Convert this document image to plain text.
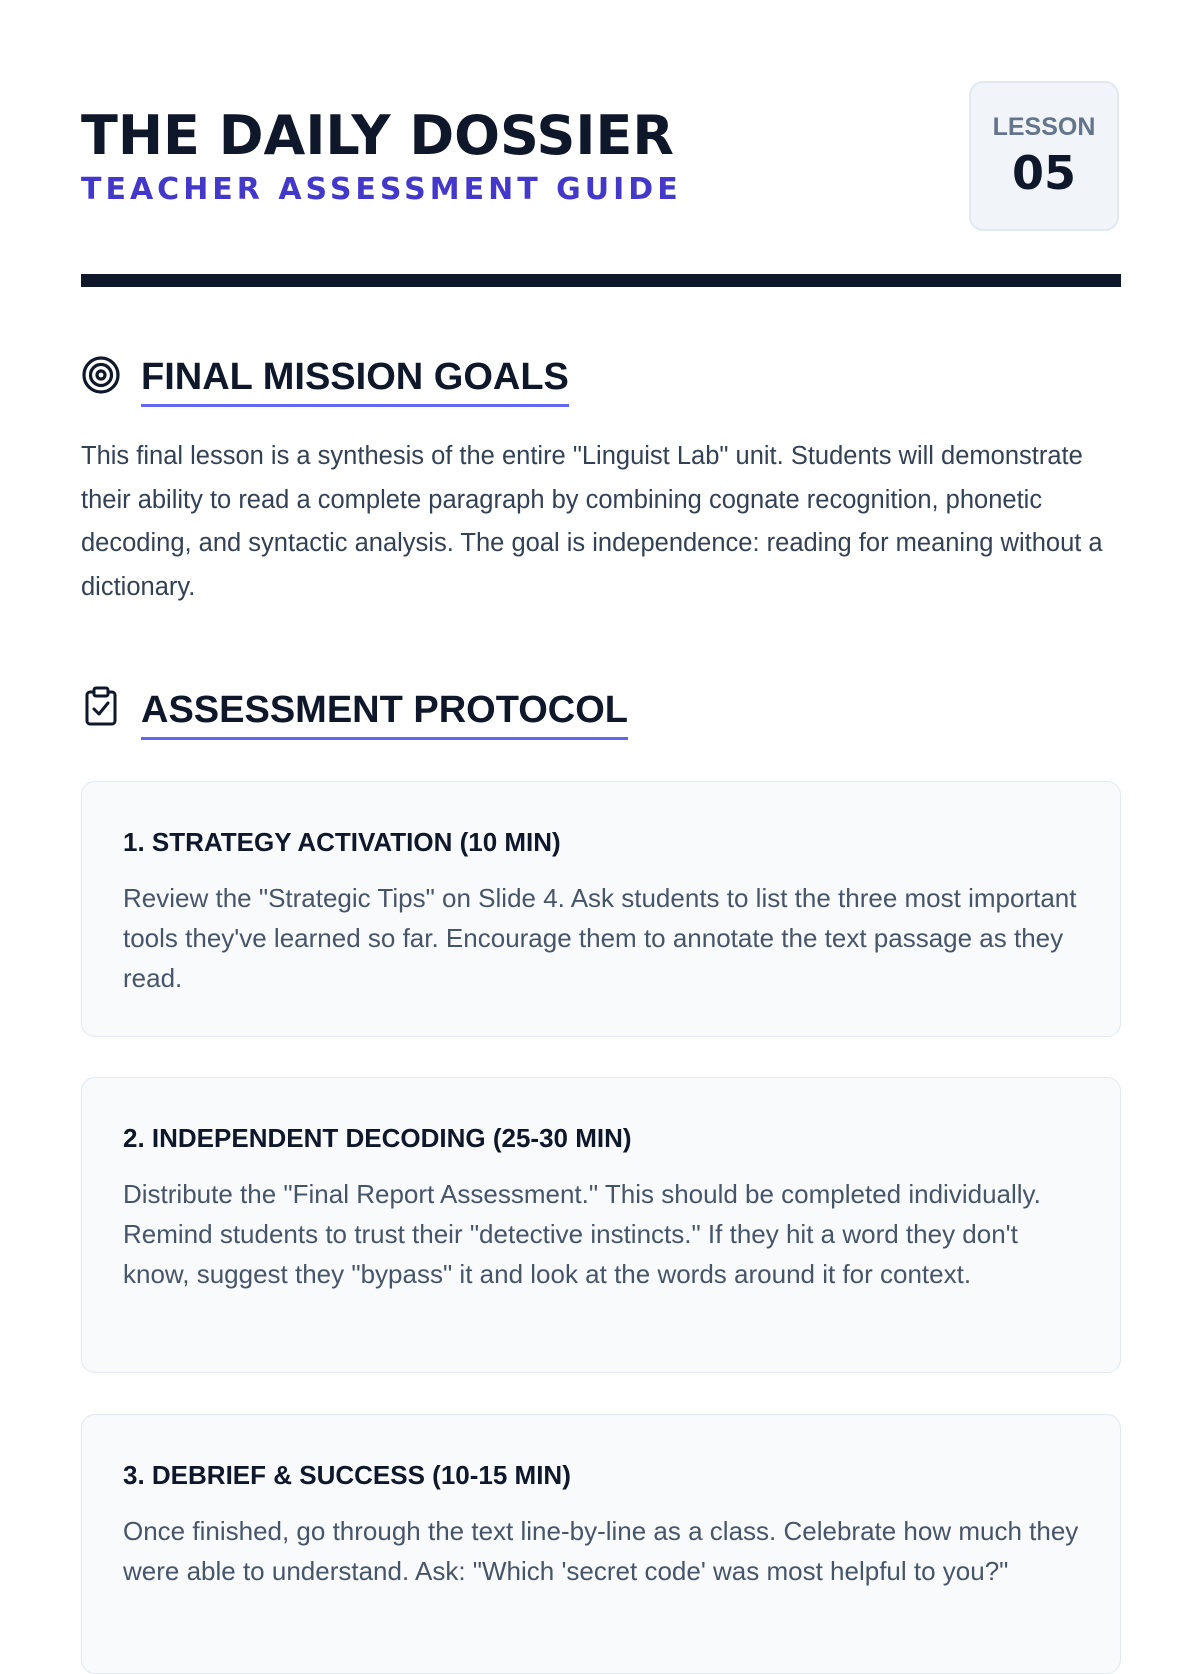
THE DAILY DOSSIER
TEACHER ASSESSMENT GUIDE
LESSON
05
FINAL MISSION GOALS

This final lesson is a synthesis of the entire "Linguist Lab" unit. Students will demonstrate their ability to read a complete paragraph by combining cognate recognition, phonetic decoding, and syntactic analysis. The goal is independence: reading for meaning without a dictionary.

ASSESSMENT PROTOCOL
1. STRATEGY ACTIVATION (10 MIN)

Review the "Strategic Tips" on Slide 4. Ask students to list the three most important tools they've learned so far. Encourage them to annotate the text passage as they read.

2. INDEPENDENT DECODING (25-30 MIN)

Distribute the "Final Report Assessment." This should be completed individually. Remind students to trust their "detective instincts." If they hit a word they don't know, suggest they "bypass" it and look at the words around it for context.

3. DEBRIEF & SUCCESS (10-15 MIN)

Once finished, go through the text line-by-line as a class. Celebrate how much they were able to understand. Ask: "Which 'secret code' was most helpful to you?"
